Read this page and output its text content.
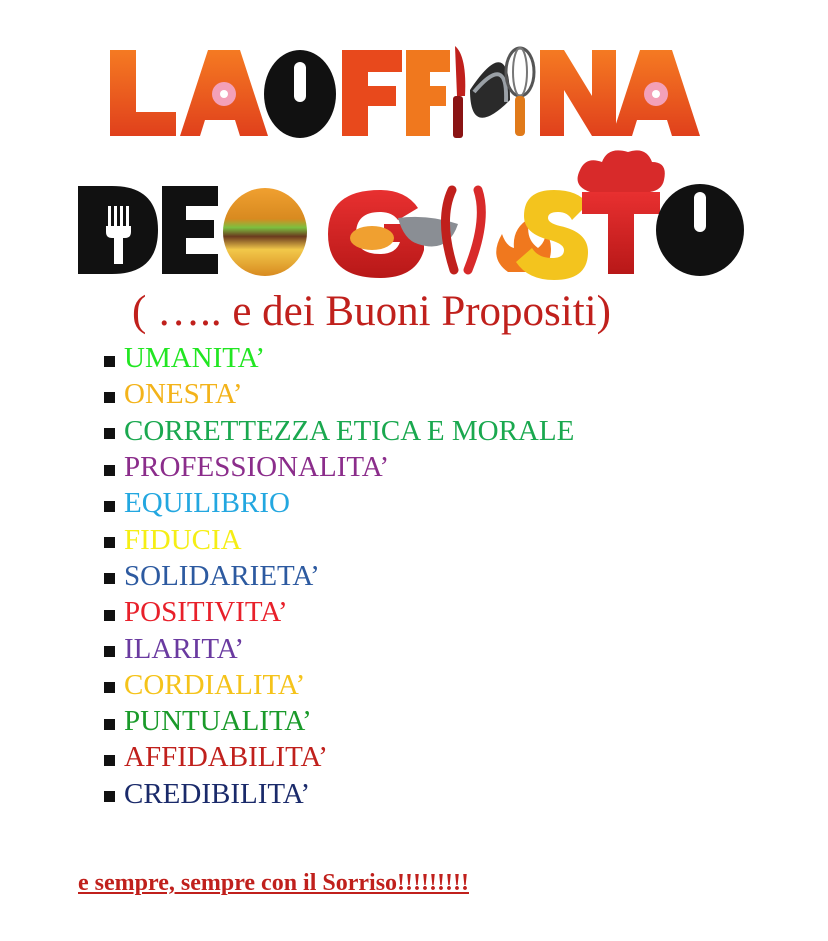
( ….. e dei Buoni Propositi)
UMANITA’
ONESTA’
CORRETTEZZA ETICA E MORALE
PROFESSIONALITA’
EQUILIBRIO
FIDUCIA
SOLIDARIETA’
POSITIVITA’
ILARITA’
CORDIALITA’
PUNTUALITA’
AFFIDABILITA’
CREDIBILITA’
e sempre, sempre con il Sorriso!!!!!!!!!
